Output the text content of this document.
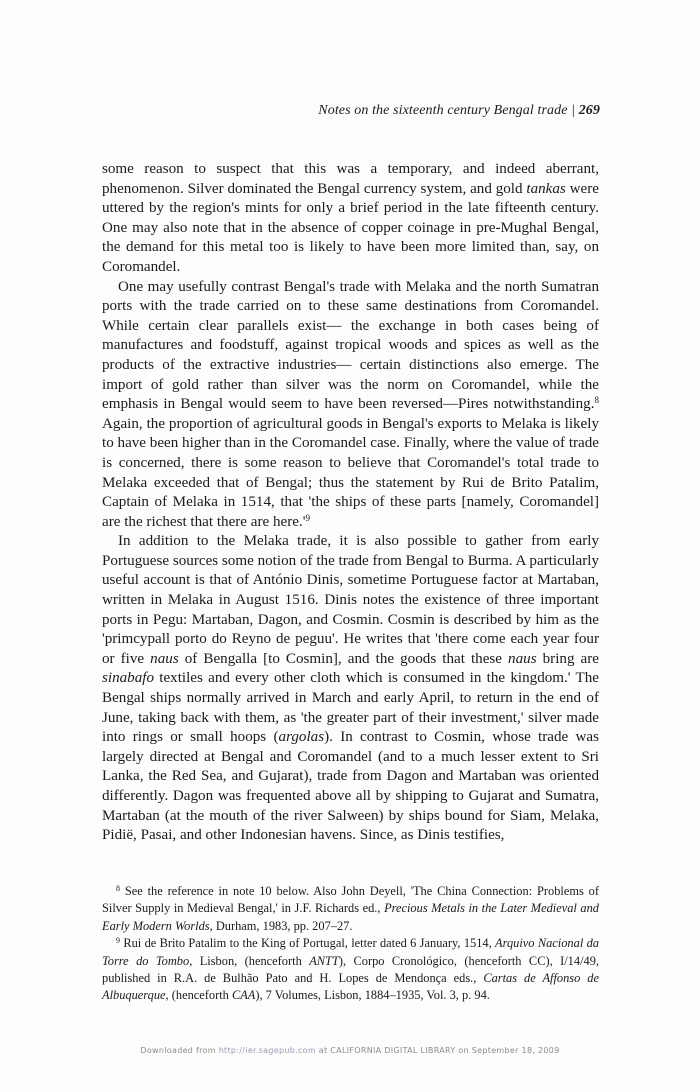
Notes on the sixteenth century Bengal trade | 269

some reason to suspect that this was a temporary, and indeed aberrant, phenomenon. Silver dominated the Bengal currency system, and gold tankas were uttered by the region's mints for only a brief period in the late fifteenth century. One may also note that in the absence of copper coinage in pre-Mughal Bengal, the demand for this metal too is likely to have been more limited than, say, on Coromandel.

One may usefully contrast Bengal's trade with Melaka and the north Sumatran ports with the trade carried on to these same destinations from Coromandel. While certain clear parallels exist— the exchange in both cases being of manufactures and foodstuff, against tropical woods and spices as well as the products of the extractive industries— certain distinctions also emerge. The import of gold rather than silver was the norm on Coromandel, while the emphasis in Bengal would seem to have been reversed—Pires notwithstanding.$^8$ Again, the proportion of agricultural goods in Bengal's exports to Melaka is likely to have been higher than in the Coromandel case. Finally, where the value of trade is concerned, there is some reason to believe that Coromandel's total trade to Melaka exceeded that of Bengal; thus the statement by Rui de Brito Patalim, Captain of Melaka in 1514, that 'the ships of these parts [namely, Coromandel] are the richest that there are $here.'^9$

In addition to the Melaka trade, it is also possible to gather from early Portuguese sources some notion of the trade from Bengal to Burma. A particularly useful account is that of António Dinis, sometime Portuguese factor at Martaban, written in Melaka in August 1516. Dinis notes the existence of three important ports in Pegu: Martaban, Dagon, and Cosmin. Cosmin is described by him as the 'primcypall porto do Reyno de peguu'. He writes that 'there come each year four or five naus of Bengalla [to Cosmin], and the goods that these naus bring are sinabafo textiles and every other cloth which is consumed in the kingdom.' The Bengal ships normally arrived in March and early April, to return in the end of June, taking back with them, as 'the greater part of their investment,' silver made into rings or small hoops (argolas). In contrast to Cosmin, whose trade was largely directed at Bengal and Coromandel (and to a much lesser extent to Sri Lanka, the Red Sea, and Gujarat), trade from Dagon and Martaban was oriented differently. Dagon was frequented above all by shipping to Gujarat and Sumatra, Martaban (at the mouth of the river Salween) by ships bound for Siam, Melaka, Pidië, Pasai, and other Indonesian havens. Since, as Dinis testifies,

$^8$ See the reference in note 10 below. Also John Deyell, 'The China Connection: Problems of Silver Supply in Medieval Bengal,' in J.F. Richards ed., Precious Metals in the Later Medieval and Early Modern Worlds, Durham, 1983, pp. 207–27.

$^9$ Rui de Brito Patalim to the King of Portugal, letter dated 6 January, 1514, Arquivo Nacional da Torre do Tombo, Lisbon, (henceforth ANTT), Corpo Cronológico, (henceforth CC), I/14/49, published in R.A. de Bulhão Pato and H. Lopes de Mendonça eds., Cartas de Affonso de Albuquerque, (henceforth CAA), 7 Volumes, Lisbon, 1884–1935, Vol. 3, p. 94.

Downloaded from http://ier.sagepub.com at CALIFORNIA DIGITAL LIBRARY on September 18, 2009
